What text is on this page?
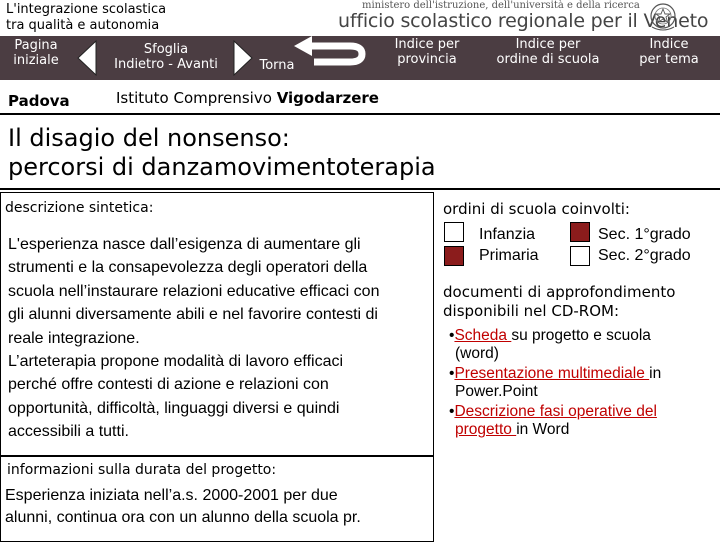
L'integrazione scolastica
tra qualità e autonomia
ministero dell'istruzione, dell'università e della ricerca
ufficio scolastico regionale per il Veneto
Pagina
iniziale
Sfoglia
Indietro - Avanti	Torna
Indice per
provincia
Indice per
ordine di scuola
Indice
per tema
Padova	Istituto Comprensivo Vigodarzere
Il disagio del nonsenso:
percorsi di danzamovimentoterapia
descrizione sintetica:
L'esperienza nasce dall’esigenza di aumentare gli
strumenti e la consapevolezza degli operatori della
scuola nell’instaurare relazioni educative efficaci con
gli alunni diversamente abili e nel favorire contesti di
reale integrazione.
L’arteterapia propone modalità di lavoro efficaci
perché offre contesti di azione e relazioni con
opportunità, difficoltà, linguaggi diversi e quindi
accessibili a tutti.
informazioni sulla durata del progetto:
Esperienza iniziata nell’a.s. 2000-2001 per due
alunni, continua ora con un alunno della scuola pr.
ordini di scuola coinvolti:
Infanzia	Sec. 1°grado
Primaria	Sec. 2°grado
documenti di approfondimento
disponibili nel CD-ROM:
•Scheda su progetto e scuola
(word)
•Presentazione multimediale in
Power.Point
•Descrizione fasi operative del
progetto in Word
